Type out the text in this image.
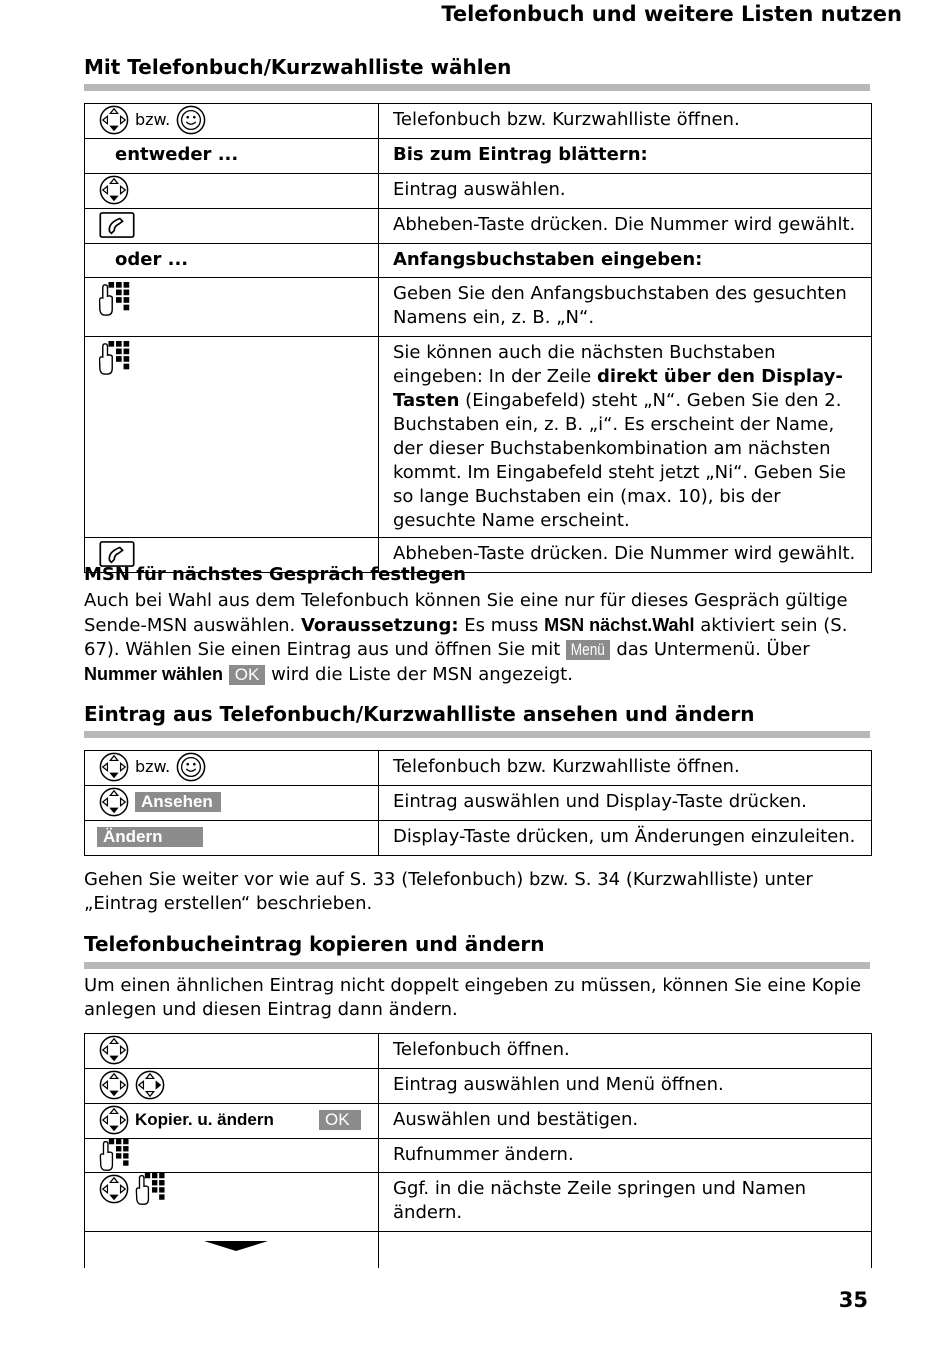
Telefonbuch und weitere Listen nutzen
Mit Telefonbuch/Kurzwahlliste wählen
bzw.	Telefonbuch bzw. Kurzwahlliste öffnen.
entweder ...	Bis zum Eintrag blättern:

	Eintrag auswählen.

	Abheben-Taste drücken. Die Nummer wird gewählt.
oder ...	Anfangsbuchstaben eingeben:

	Geben Sie den Anfangsbuchstaben des gesuchten Namens ein, z. B. „N“.

	Sie können auch die nächsten Buchstaben eingeben: In der Zeile direkt über den Display-Tasten (Eingabefeld) steht „N“. Geben Sie den 2. Buchstaben ein, z. B. „i“. Es erscheint der Name, der dieser Buchstabenkombination am nächsten kommt. Im Eingabefeld steht jetzt „Ni“. Geben Sie so lange Buchstaben ein (max. 10), bis der gesuchte Name erscheint.

	Abheben-Taste drücken. Die Nummer wird gewählt.
MSN für nächstes Gespräch festlegen
Auch bei Wahl aus dem Telefonbuch können Sie eine nur für dieses Gespräch gültige Sende-MSN auswählen. Voraussetzung: Es muss MSN nächst.Wahl aktiviert sein (S. 67). Wählen Sie einen Eintrag aus und öffnen Sie mit Menü das Untermenü. Über Nummer wählen OK wird die Liste der MSN angezeigt.
Eintrag aus Telefonbuch/Kurzwahlliste ansehen und ändern
bzw.	Telefonbuch bzw. Kurzwahlliste öffnen.

Ansehen	Eintrag auswählen und Display-Taste drücken.

Ändern	Display-Taste drücken, um Änderungen einzuleiten.
Gehen Sie weiter vor wie auf S. 33 (Telefonbuch) bzw. S. 34 (Kurzwahlliste) unter „Eintrag erstellen“ beschrieben.
Telefonbucheintrag kopieren und ändern
Um einen ähnlichen Eintrag nicht doppelt eingeben zu müssen, können Sie eine Kopie anlegen und diesen Eintrag dann ändern.
	Telefonbuch öffnen.

	Eintrag auswählen und Menü öffnen.

Kopier. u. ändern OK	Auswählen und bestätigen.

	Rufnummer ändern.

	Ggf. in die nächste Zeile springen und Namen ändern.

35
